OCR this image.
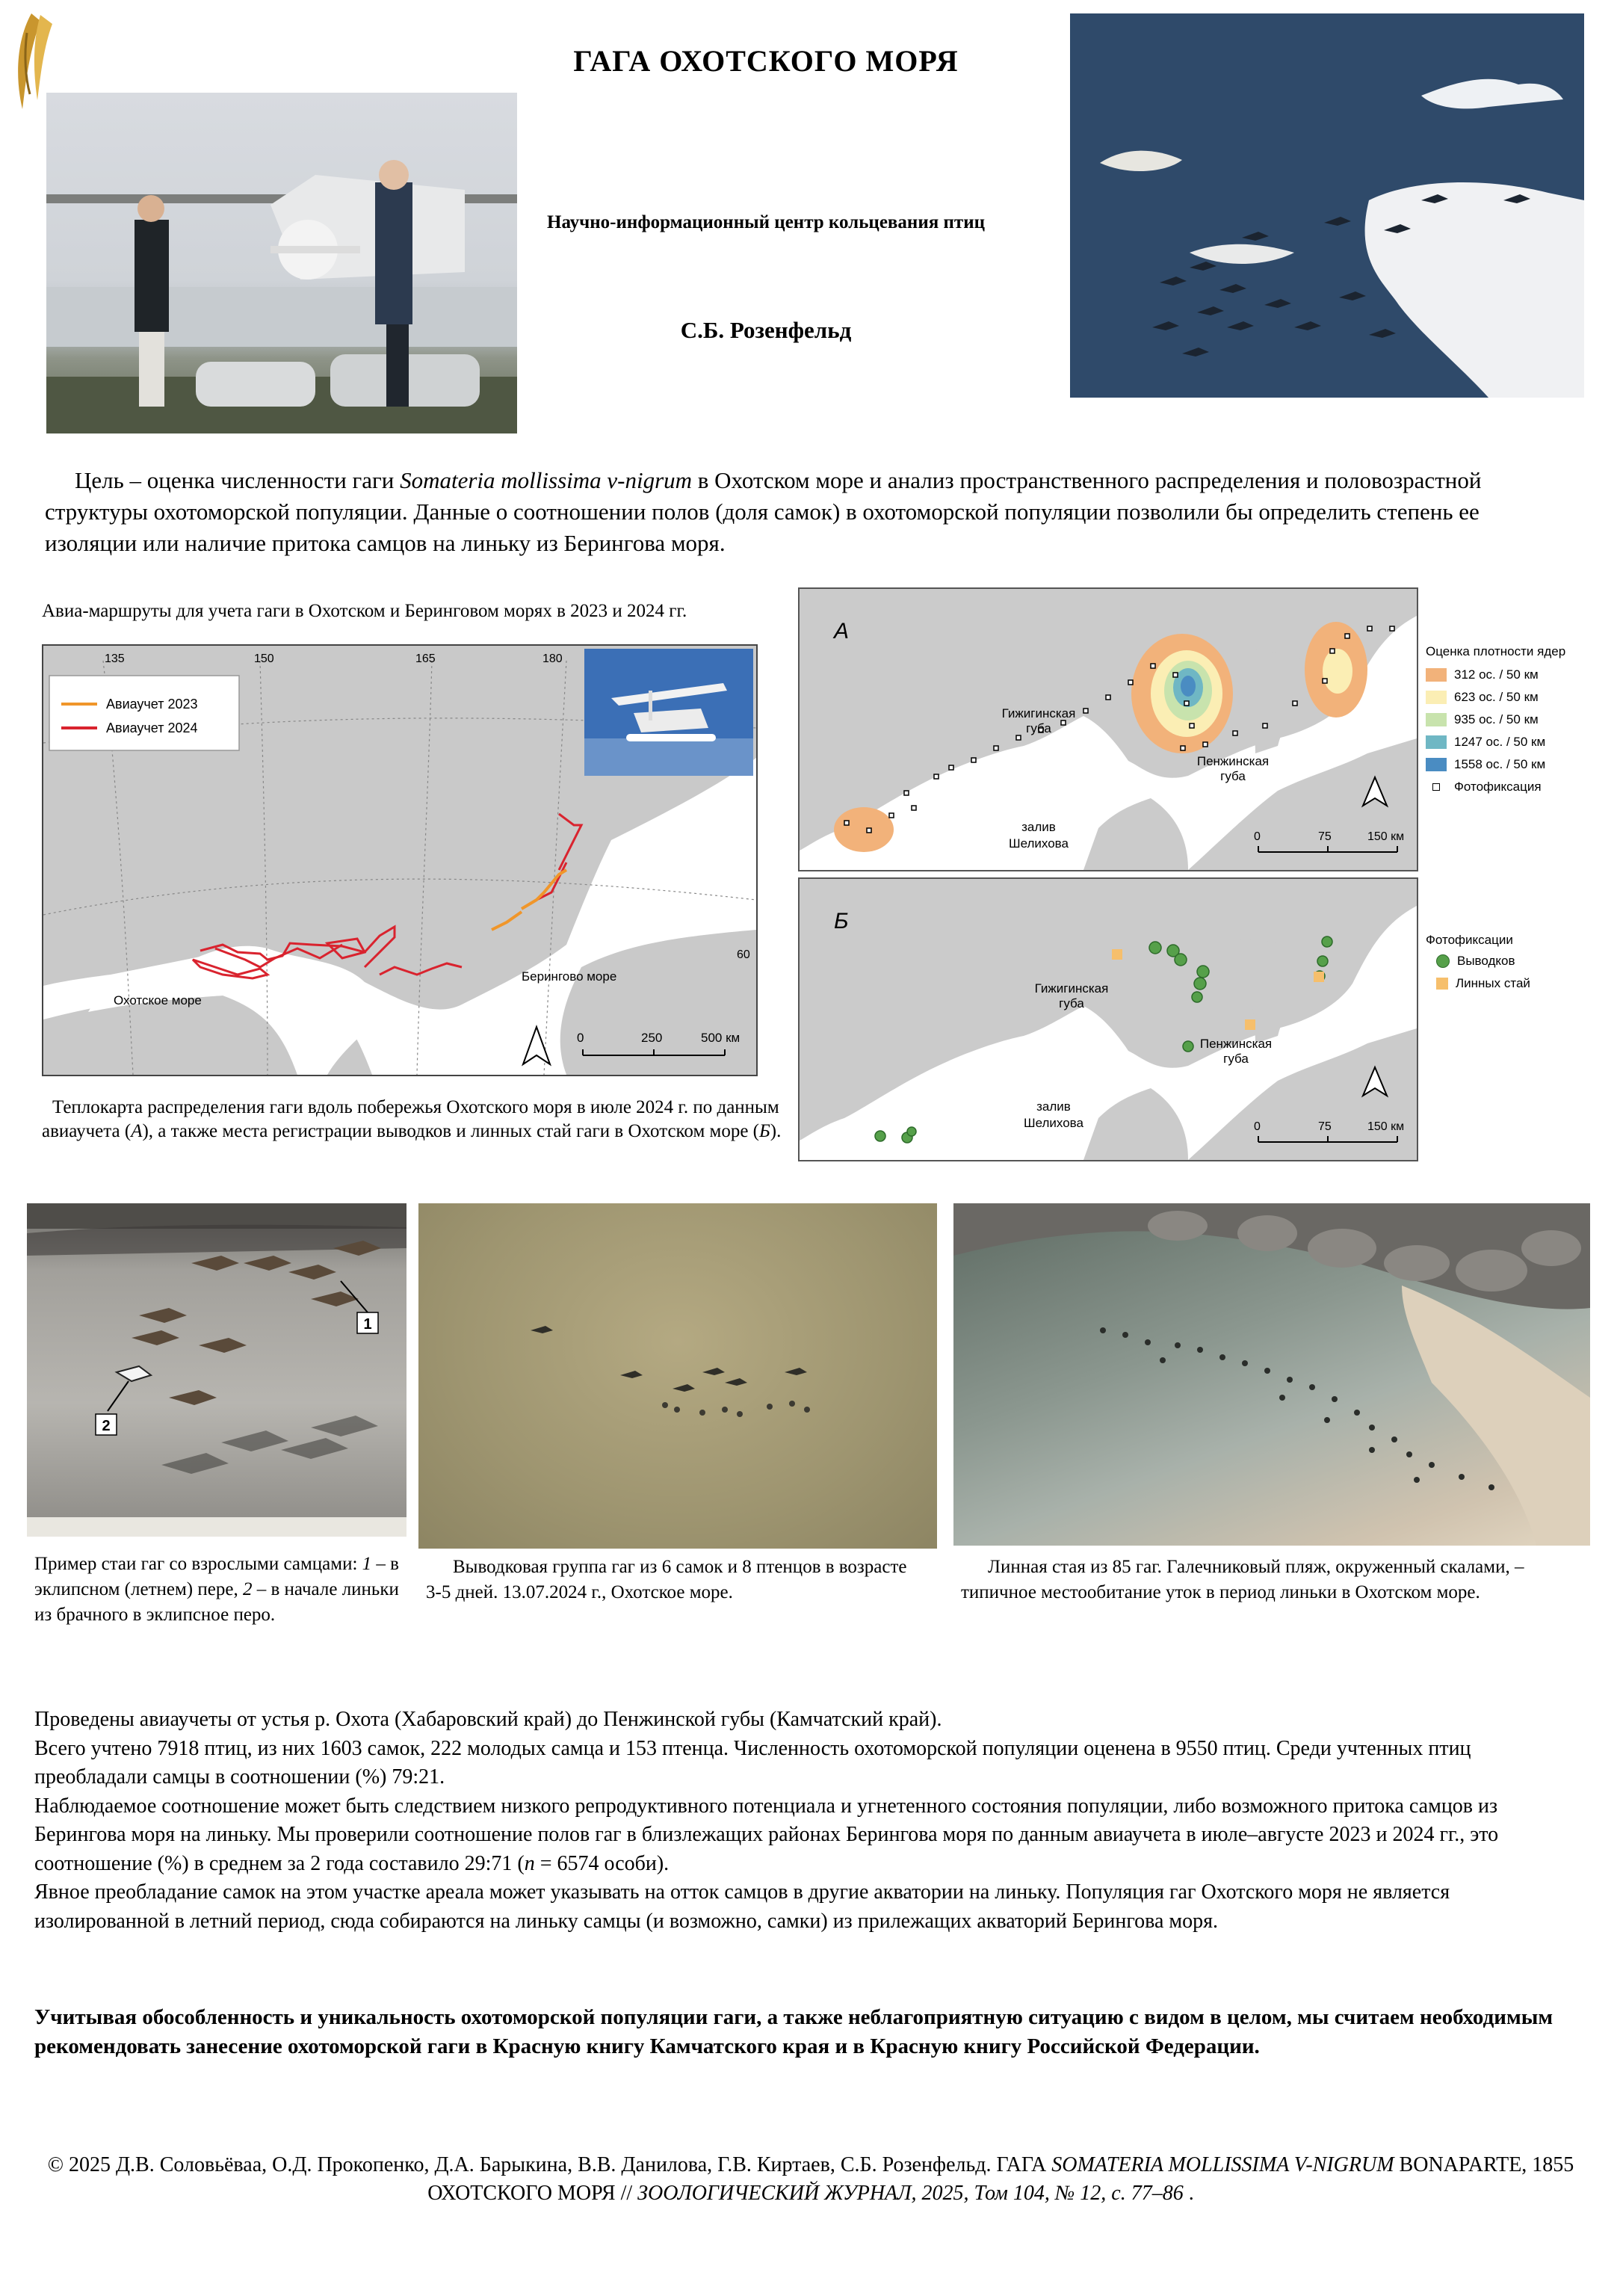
ГАГА ОХОТСКОГО МОРЯ
Научно-информационный центр кольцевания птиц
С.Б. Розенфельд
Цель – оценка численности гаги Somateria mollissima v-nigrum в Охотском море и анализ пространственного распределения и половозрастной структуры охотоморской популяции. Данные о соотношении полов (доля самок) в охотоморской популяции позволили бы определить степень ее изоляции или наличие притока самцов на линьку из Берингова моря.
Авиа-маршруты для учета гаги в Охотском и Беринговом морях в 2023 и 2024 гг.
135	150	165	180
60
Авиаучет 2023
Авиаучет 2024
Охотское море
Берингово море
0	250	500 км
Теплокарта распределения гаги вдоль побережья Охотского моря в июле 2024 г. по данным авиаучета (А), а также места регистрации выводков и линных стай гаги в Охотском море (Б).
А
Гижигинская
губа
Пенжинская
губа
залив
Шелихова	0	75	150 км
Оценка плотности ядер
312 ос. / 50 км
623 ос. / 50 км
935 ос. / 50 км
1247 ос. / 50 км
1558 ос. / 50 км
Фотофиксация
Б
Гижигинская
губа
Пенжинская
губа
залив
Шелихова	0	75	150 км
Фотофиксации
Выводков
Линных стай
1
2
Пример стаи гаг со взрослыми самцами: 1 – в эклипсном (летнем) пере, 2 – в начале линьки из брачного в эклипсное перо.
Выводковая группа гаг из 6 самок и 8 птенцов в возрасте 3-5 дней. 13.07.2024 г., Охотское море.
Линная стая из 85 гаг. Галечниковый пляж, окруженный скалами, – типичное местообитание уток в период линьки в Охотском море.

Проведены авиаучеты от устья р. Охота (Хабаровский край) до Пенжинской губы (Камчатский край).

Всего учтено 7918 птиц, из них 1603 самок, 222 молодых самца и 153 птенца. Численность охотоморской популяции оценена в 9550 птиц. Среди учтенных птиц преобладали самцы в соотношении (%) 79:21.

Наблюдаемое соотношение может быть следствием низкого репродуктивного потенциала и угнетенного состояния популяции, либо возможного притока самцов из Берингова моря на линьку. Мы проверили соотношение полов гаг в близлежащих районах Берингова моря по данным авиаучета в июле–августе 2023 и 2024 гг., это соотношение (%) в среднем за 2 года составило 29:71 (n = 6574 особи).

Явное преобладание самок на этом участке ареала может указывать на отток самцов в другие акватории на линьку. Популяция гаг Охотского моря не является изолированной в летний период, сюда собираются на линьку самцы (и возможно, самки) из прилежащих акваторий Берингова моря.

Учитывая обособленность и уникальность охотоморской популяции гаги, а также неблагоприятную ситуацию с видом в целом, мы считаем необходимым рекомендовать занесение охотоморской гаги в Красную книгу Камчатского края и в Красную книгу Российской Федерации.
© 2025 Д.В. Соловьёваа, О.Д. Прокопенко, Д.А. Барыкина, В.В. Данилова, Г.В. Киртаев, С.Б. Розенфельд. ГАГА SOMATERIA MOLLISSIMA V-NIGRUM BONAPARTE, 1855 ОХОТСКОГО МОРЯ // ЗООЛОГИЧЕСКИЙ ЖУРНАЛ, 2025, Том 104, № 12, с. 77–86 .
